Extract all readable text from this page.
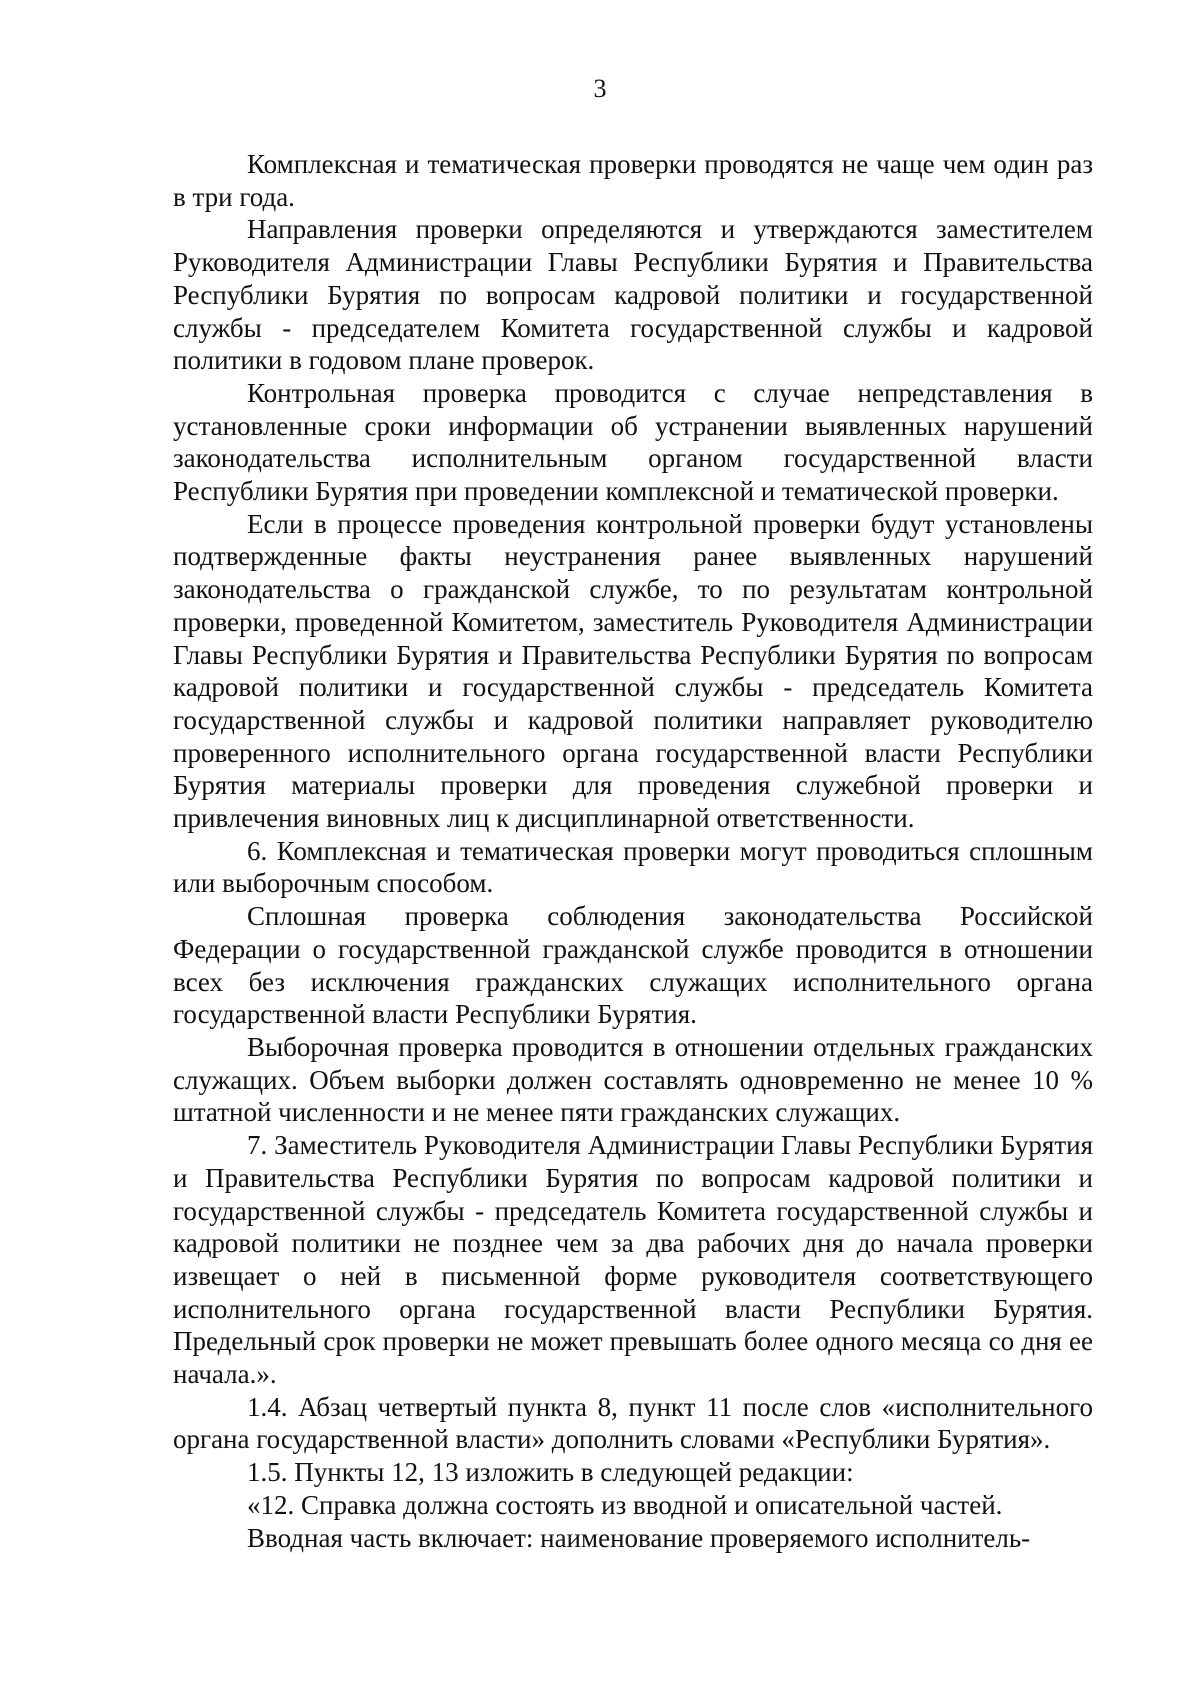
3

Комплексная и тематическая проверки проводятся не чаще чем один раз в три года.

Направления проверки определяются и утверждаются заместителем Руководителя Администрации Главы Республики Бурятия и Правительства Республики Бурятия по вопросам кадровой политики и государственной службы - председателем Комитета государственной службы и кадровой политики в годовом плане проверок.

Контрольная проверка проводится с случае непредставления в установленные сроки информации об устранении выявленных нарушений законодательства исполнительным органом государственной власти Республики Бурятия при проведении комплексной и тематической проверки.

Если в процессе проведения контрольной проверки будут установлены подтвержденные факты неустранения ранее выявленных нарушений законодательства о гражданской службе, то по результатам контрольной проверки, проведенной Комитетом, заместитель Руководителя Администрации Главы Республики Бурятия и Правительства Республики Бурятия по вопросам кадровой политики и государственной службы - председатель Комитета государственной службы и кадровой политики направляет руководителю проверенного исполнительного органа государственной власти Республики Бурятия материалы проверки для проведения служебной проверки и привлечения виновных лиц к дисциплинарной ответственности.

6. Комплексная и тематическая проверки могут проводиться сплошным или выборочным способом.

Сплошная проверка соблюдения законодательства Российской Федерации о государственной гражданской службе проводится в отношении всех без исключения гражданских служащих исполнительного органа государственной власти Республики Бурятия.

Выборочная проверка проводится в отношении отдельных гражданских служащих. Объем выборки должен составлять одновременно не менее 10 % штатной численности и не менее пяти гражданских служащих.

7. Заместитель Руководителя Администрации Главы Республики Бурятия и Правительства Республики Бурятия по вопросам кадровой политики и государственной службы - председатель Комитета государственной службы и кадровой политики не позднее чем за два рабочих дня до начала проверки извещает о ней в письменной форме руководителя соответствующего исполнительного органа государственной власти Республики Бурятия. Предельный срок проверки не может превышать более одного месяца со дня ее начала.».

1.4. Абзац четвертый пункта 8, пункт 11 после слов «исполнительного органа государственной власти» дополнить словами «Республики Бурятия».

1.5. Пункты 12, 13 изложить в следующей редакции:

«12. Справка должна состоять из вводной и описательной частей.

Вводная часть включает: наименование проверяемого исполнитель-
